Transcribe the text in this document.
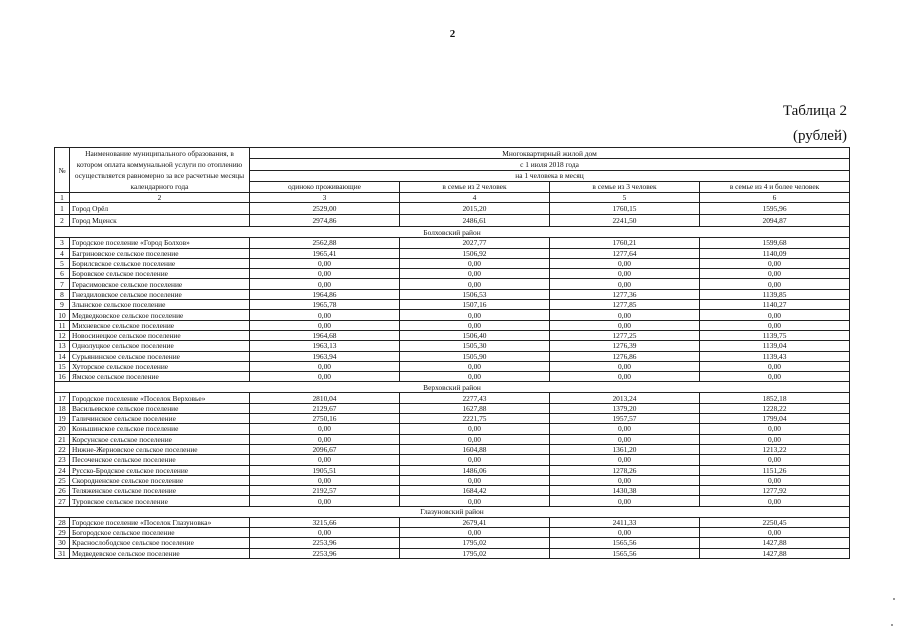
2
Таблица 2
(рублей)
№	Наименование муниципального образования, в котором оплата коммунальной услуги по отоплению осуществляется равномерно за все расчетные месяцы календарного года	Многоквартирный жилой дом			
		с 1 июля 2018 года			
		на 1 человека в месяц			
		одиноко проживающие	в семье из 2 человек	в семье из 3 человек	в семье из 4 и более человек
1	2	3	4	5	6
1	Город Орёл	2529,00	2015,20	1760,15	1595,96
2	Город Мценск	2974,86	2486,61	2241,50	2094,87
Болховский район					
3	Городское поселение «Город Болхов»	2562,88	2027,77	1760,21	1599,68
4	Багриновское сельское поселение	1965,41	1506,92	1277,64	1140,09
5	Борилсвское сельское поселение	0,00	0,00	0,00	0,00
6	Боровское сельское поселение	0,00	0,00	0,00	0,00
7	Герасимовское сельское поселение	0,00	0,00	0,00	0,00
8	Гнездиловское сельское поселение	1964,86	1506,53	1277,36	1139,85
9	Злынское сельское поселение	1965,78	1507,16	1277,85	1140,27
10	Медведковское сельское поселение	0,00	0,00	0,00	0,00
11	Михневское сельское поселение	0,00	0,00	0,00	0,00
12	Новосинецкое сельское поселение	1964,68	1506,40	1277,25	1139,75
13	Однолуцкое сельское поселение	1963,13	1505,30	1276,39	1139,04
14	Сурьянинское сельское поселение	1963,94	1505,90	1276,86	1139,43
15	Хуторское сельское поселение	0,00	0,00	0,00	0,00
16	Ямское сельское поселение	0,00	0,00	0,00	0,00
Верховский район					
17	Городское поселение «Поселок Верховье»	2810,04	2277,43	2013,24	1852,18
18	Васильевское сельское поселение	2129,67	1627,88	1379,20	1228,22
19	Галичинское сельское поселение	2750,16	2221,75	1957,57	1799,04
20	Коньшинское сельское поселение	0,00	0,00	0,00	0,00
21	Корсунское сельское поселение	0,00	0,00	0,00	0,00
22	Нижне-Жерновское сельское поселение	2096,67	1604,88	1361,20	1213,22
23	Песоченское сельское поселение	0,00	0,00	0,00	0,00
24	Русско-Бродское сельское поселение	1905,51	1486,06	1278,26	1151,26
25	Скородненское сельское поселение	0,00	0,00	0,00	0,00
26	Теляженское сельское поселение	2192,57	1684,42	1430,38	1277,92
27	Туровское сельское поселение	0,00	0,00	0,00	0,00
Глазуновский район					
28	Городское поселение «Поселок Глазуновка»	3215,66	2679,41	2411,33	2250,45
29	Богородское сельское поселение	0,00	0,00	0,00	0,00
30	Краснослободское сельское поселение	2253,96	1795,02	1565,56	1427,88
31	Медведевское сельское поселение	2253,96	1795,02	1565,56	1427,88
